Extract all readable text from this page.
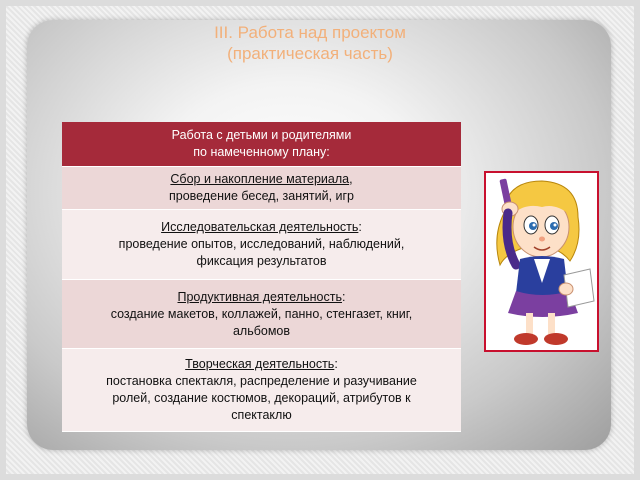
III. Работа над проектом
(практическая часть)
Работа с детьми и родителями
по намеченному плану:
Сбор и накопление материала,
проведение бесед, занятий, игр
Исследовательская деятельность:
проведение опытов, исследований, наблюдений,
фиксация результатов
Продуктивная деятельность:
создание макетов, коллажей, панно, стенгазет, книг,
альбомов
Творческая деятельность:
постановка спектакля, распределение и разучивание
ролей, создание костюмов, декораций, атрибутов к
спектаклю
